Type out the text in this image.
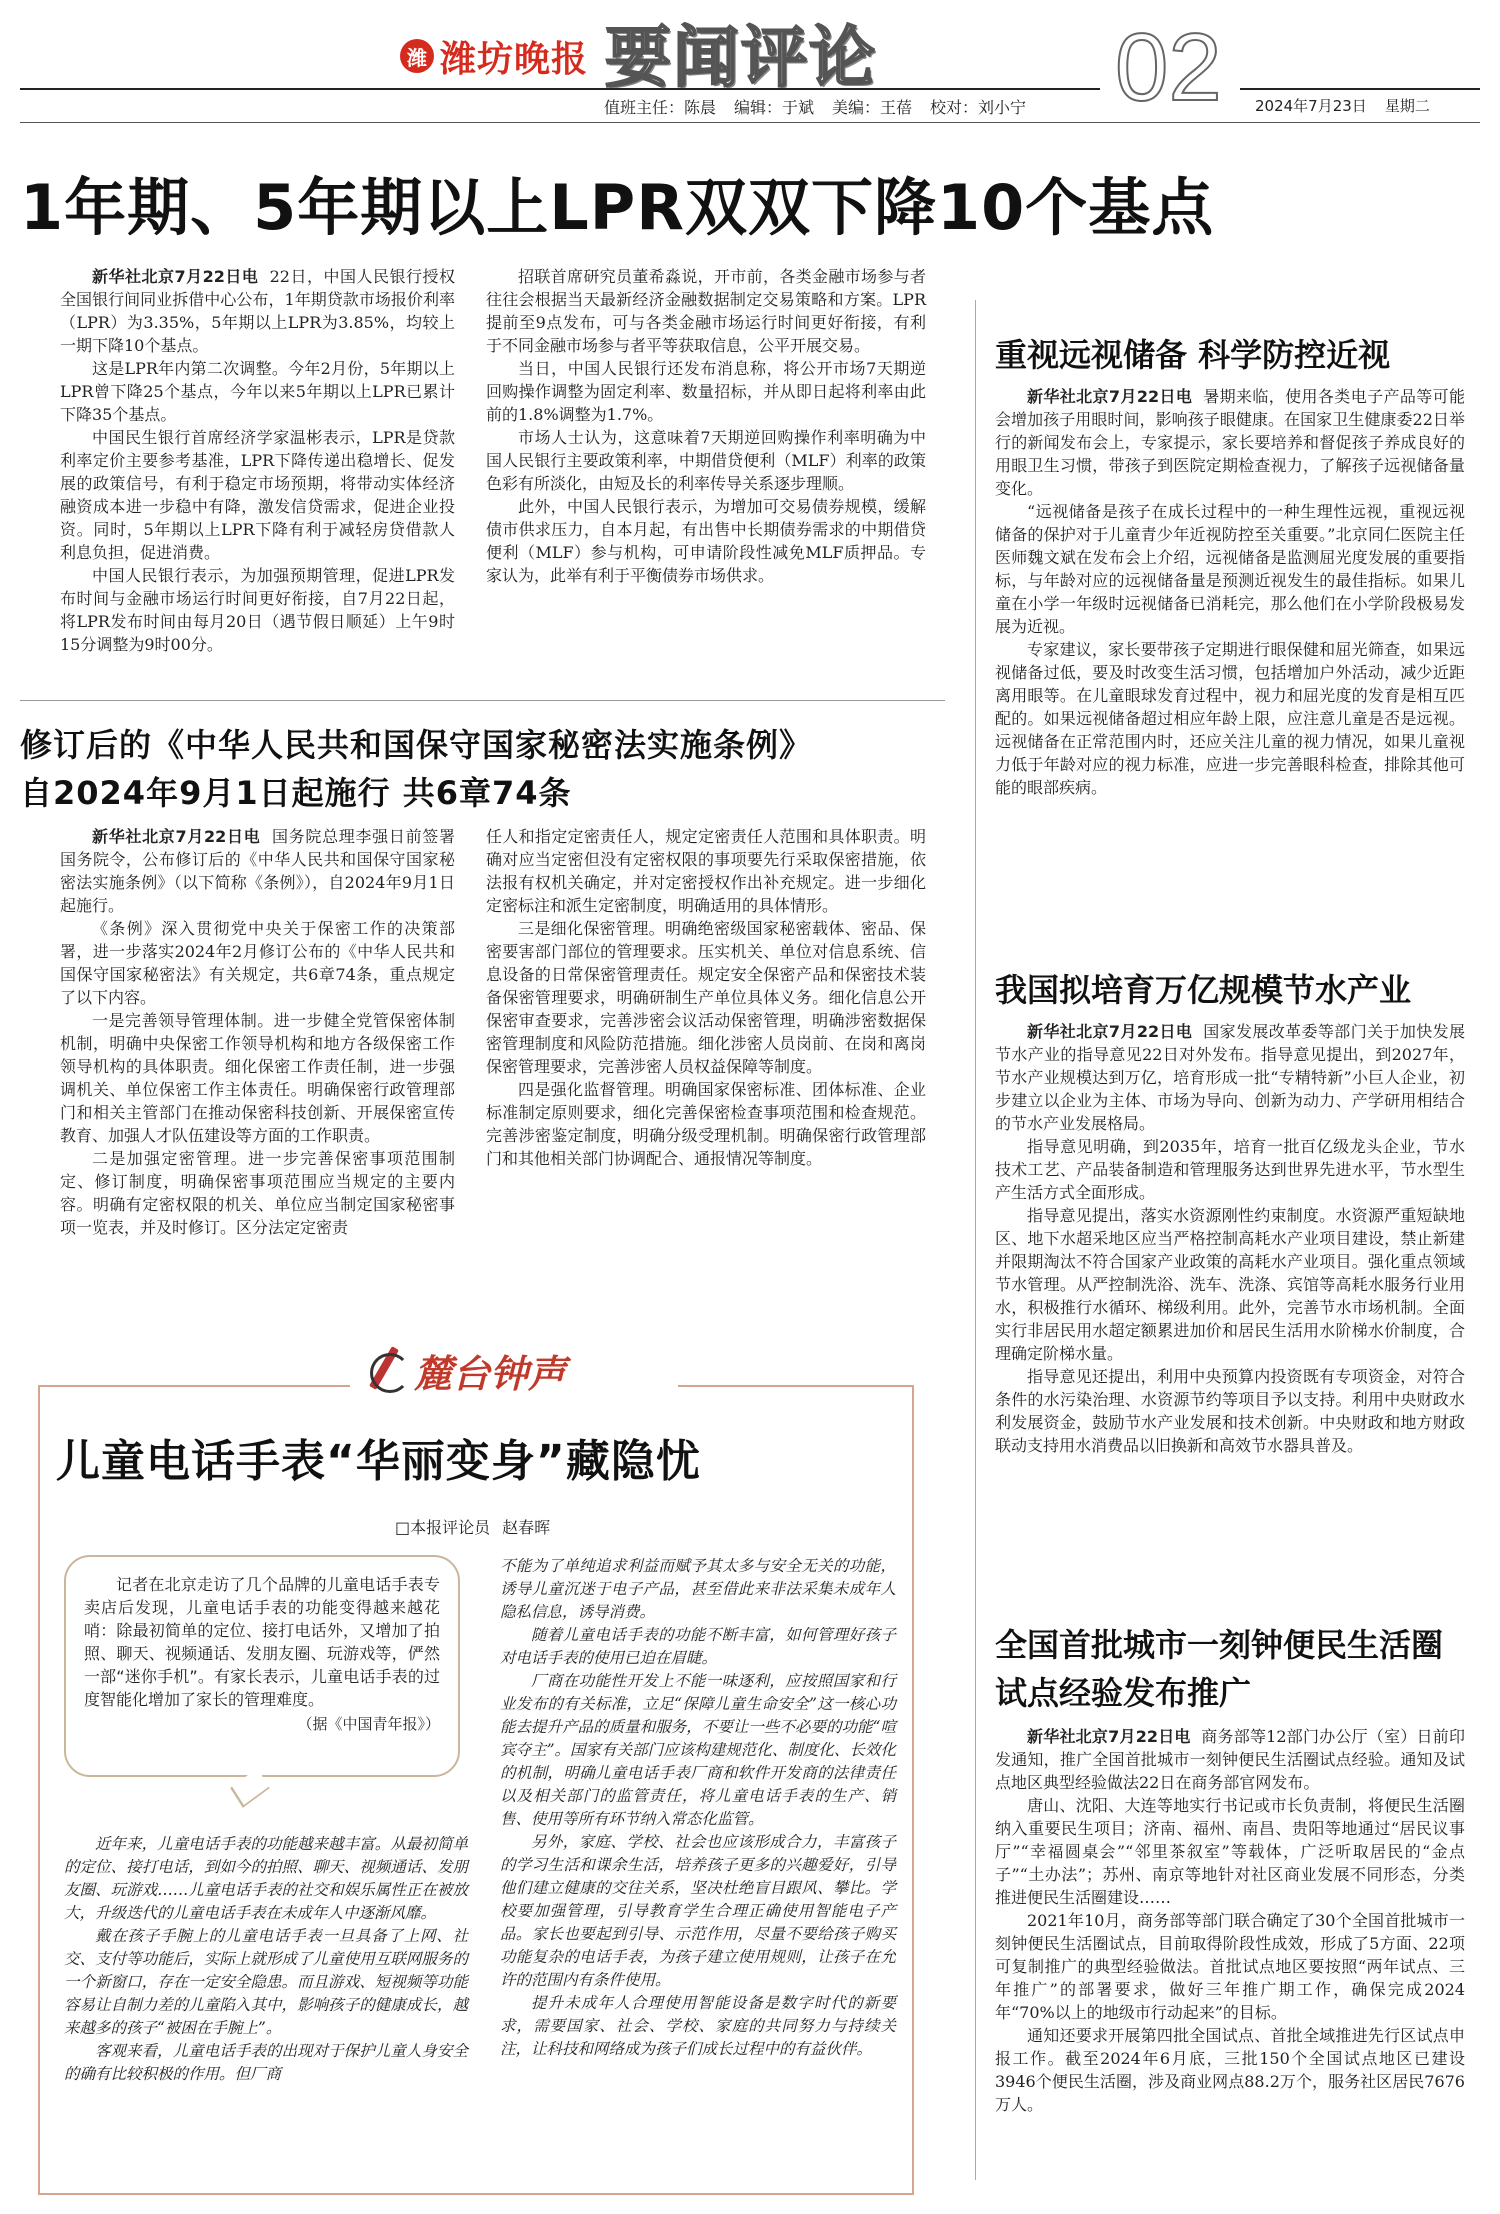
潍 潍坊晚报 要闻评论 02
值班主任：陈晨 编辑：于斌 美编：王蓓 校对：刘小宁	2024年7月23日 星期二
1年期、5年期以上LPR双双下降10个基点

新华社北京7月22日电 22日，中国人民银行授权全国银行间同业拆借中心公布，1年期贷款市场报价利率（LPR）为3.35%，5年期以上LPR为3.85%，均较上一期下降10个基点。

这是LPR年内第二次调整。今年2月份，5年期以上LPR曾下降25个基点，今年以来5年期以上LPR已累计下降35个基点。

中国民生银行首席经济学家温彬表示，LPR是贷款利率定价主要参考基准，LPR下降传递出稳增长、促发展的政策信号，有利于稳定市场预期，将带动实体经济融资成本进一步稳中有降，激发信贷需求，促进企业投资。同时，5年期以上LPR下降有利于减轻房贷借款人利息负担，促进消费。

中国人民银行表示，为加强预期管理，促进LPR发布时间与金融市场运行时间更好衔接，自7月22日起，将LPR发布时间由每月20日（遇节假日顺延）上午9时15分调整为9时00分。

招联首席研究员董希淼说，开市前，各类金融市场参与者往往会根据当天最新经济金融数据制定交易策略和方案。LPR提前至9点发布，可与各类金融市场运行时间更好衔接，有利于不同金融市场参与者平等获取信息，公平开展交易。

当日，中国人民银行还发布消息称，将公开市场7天期逆回购操作调整为固定利率、数量招标，并从即日起将利率由此前的1.8%调整为1.7%。

市场人士认为，这意味着7天期逆回购操作利率明确为中国人民银行主要政策利率，中期借贷便利（MLF）利率的政策色彩有所淡化，由短及长的利率传导关系逐步理顺。

此外，中国人民银行表示，为增加可交易债券规模，缓解债市供求压力，自本月起，有出售中长期债券需求的中期借贷便利（MLF）参与机构，可申请阶段性减免MLF质押品。专家认为，此举有利于平衡债券市场供求。

修订后的《中华人民共和国保守国家秘密法实施条例》
自2024年9月1日起施行 共6章74条

新华社北京7月22日电 国务院总理李强日前签署国务院令，公布修订后的《中华人民共和国保守国家秘密法实施条例》（以下简称《条例》），自2024年9月1日起施行。

《条例》深入贯彻党中央关于保密工作的决策部署，进一步落实2024年2月修订公布的《中华人民共和国保守国家秘密法》有关规定，共6章74条，重点规定了以下内容。

一是完善领导管理体制。进一步健全党管保密体制机制，明确中央保密工作领导机构和地方各级保密工作领导机构的具体职责。细化保密工作责任制，进一步强调机关、单位保密工作主体责任。明确保密行政管理部门和相关主管部门在推动保密科技创新、开展保密宣传教育、加强人才队伍建设等方面的工作职责。

二是加强定密管理。进一步完善保密事项范围制定、修订制度，明确保密事项范围应当规定的主要内容。明确有定密权限的机关、单位应当制定国家秘密事项一览表，并及时修订。区分法定定密责

任人和指定定密责任人，规定定密责任人范围和具体职责。明确对应当定密但没有定密权限的事项要先行采取保密措施，依法报有权机关确定，并对定密授权作出补充规定。进一步细化定密标注和派生定密制度，明确适用的具体情形。

三是细化保密管理。明确绝密级国家秘密载体、密品、保密要害部门部位的管理要求。压实机关、单位对信息系统、信息设备的日常保密管理责任。规定安全保密产品和保密技术装备保密管理要求，明确研制生产单位具体义务。细化信息公开保密审查要求，完善涉密会议活动保密管理，明确涉密数据保密管理制度和风险防范措施。细化涉密人员岗前、在岗和离岗保密管理要求，完善涉密人员权益保障等制度。

四是强化监督管理。明确国家保密标准、团体标准、企业标准制定原则要求，细化完善保密检查事项范围和检查规范。完善涉密鉴定制度，明确分级受理机制。明确保密行政管理部门和其他相关部门协调配合、通报情况等制度。

麓台钟声
儿童电话手表“华丽变身”藏隐忧
□本报评论员 赵春晖

记者在北京走访了几个品牌的儿童电话手表专卖店后发现，儿童电话手表的功能变得越来越花哨：除最初简单的定位、接打电话外，又增加了拍照、聊天、视频通话、发朋友圈、玩游戏等，俨然一部“迷你手机”。有家长表示，儿童电话手表的过度智能化增加了家长的管理难度。

（据《中国青年报》）

近年来，儿童电话手表的功能越来越丰富。从最初简单的定位、接打电话，到如今的拍照、聊天、视频通话、发朋友圈、玩游戏……儿童电话手表的社交和娱乐属性正在被放大，升级迭代的儿童电话手表在未成年人中逐渐风靡。

戴在孩子手腕上的儿童电话手表一旦具备了上网、社交、支付等功能后，实际上就形成了儿童使用互联网服务的一个新窗口，存在一定安全隐患。而且游戏、短视频等功能容易让自制力差的儿童陷入其中，影响孩子的健康成长，越来越多的孩子“被困在手腕上”。

客观来看，儿童电话手表的出现对于保护儿童人身安全的确有比较积极的作用。但厂商

不能为了单纯追求利益而赋予其太多与安全无关的功能，诱导儿童沉迷于电子产品，甚至借此来非法采集未成年人隐私信息，诱导消费。

随着儿童电话手表的功能不断丰富，如何管理好孩子对电话手表的使用已迫在眉睫。

厂商在功能性开发上不能一味逐利，应按照国家和行业发布的有关标准，立足“保障儿童生命安全”这一核心功能去提升产品的质量和服务，不要让一些不必要的功能“喧宾夺主”。国家有关部门应该构建规范化、制度化、长效化的机制，明确儿童电话手表厂商和软件开发商的法律责任以及相关部门的监管责任，将儿童电话手表的生产、销售、使用等所有环节纳入常态化监管。

另外，家庭、学校、社会也应该形成合力，丰富孩子的学习生活和课余生活，培养孩子更多的兴趣爱好，引导他们建立健康的交往关系，坚决杜绝盲目跟风、攀比。学校要加强管理，引导教育学生合理正确使用智能电子产品。家长也要起到引导、示范作用，尽量不要给孩子购买功能复杂的电话手表，为孩子建立使用规则，让孩子在允许的范围内有条件使用。

提升未成年人合理使用智能设备是数字时代的新要求，需要国家、社会、学校、家庭的共同努力与持续关注，让科技和网络成为孩子们成长过程中的有益伙伴。

重视远视储备 科学防控近视

新华社北京7月22日电 暑期来临，使用各类电子产品等可能会增加孩子用眼时间，影响孩子眼健康。在国家卫生健康委22日举行的新闻发布会上，专家提示，家长要培养和督促孩子养成良好的用眼卫生习惯，带孩子到医院定期检查视力，了解孩子远视储备量变化。

“远视储备是孩子在成长过程中的一种生理性远视，重视远视储备的保护对于儿童青少年近视防控至关重要。”北京同仁医院主任医师魏文斌在发布会上介绍，远视储备是监测屈光度发展的重要指标，与年龄对应的远视储备量是预测近视发生的最佳指标。如果儿童在小学一年级时远视储备已消耗完，那么他们在小学阶段极易发展为近视。

专家建议，家长要带孩子定期进行眼保健和屈光筛查，如果远视储备过低，要及时改变生活习惯，包括增加户外活动，减少近距离用眼等。在儿童眼球发育过程中，视力和屈光度的发育是相互匹配的。如果远视储备超过相应年龄上限，应注意儿童是否是远视。远视储备在正常范围内时，还应关注儿童的视力情况，如果儿童视力低于年龄对应的视力标准，应进一步完善眼科检查，排除其他可能的眼部疾病。

我国拟培育万亿规模节水产业

新华社北京7月22日电 国家发展改革委等部门关于加快发展节水产业的指导意见22日对外发布。指导意见提出，到2027年，节水产业规模达到万亿，培育形成一批“专精特新”小巨人企业，初步建立以企业为主体、市场为导向、创新为动力、产学研用相结合的节水产业发展格局。

指导意见明确，到2035年，培育一批百亿级龙头企业，节水技术工艺、产品装备制造和管理服务达到世界先进水平，节水型生产生活方式全面形成。

指导意见提出，落实水资源刚性约束制度。水资源严重短缺地区、地下水超采地区应当严格控制高耗水产业项目建设，禁止新建并限期淘汰不符合国家产业政策的高耗水产业项目。强化重点领域节水管理。从严控制洗浴、洗车、洗涤、宾馆等高耗水服务行业用水，积极推行水循环、梯级利用。此外，完善节水市场机制。全面实行非居民用水超定额累进加价和居民生活用水阶梯水价制度，合理确定阶梯水量。

指导意见还提出，利用中央预算内投资既有专项资金，对符合条件的水污染治理、水资源节约等项目予以支持。利用中央财政水利发展资金，鼓励节水产业发展和技术创新。中央财政和地方财政联动支持用水消费品以旧换新和高效节水器具普及。

全国首批城市一刻钟便民生活圈
试点经验发布推广

新华社北京7月22日电 商务部等12部门办公厅（室）日前印发通知，推广全国首批城市一刻钟便民生活圈试点经验。通知及试点地区典型经验做法22日在商务部官网发布。

唐山、沈阳、大连等地实行书记或市长负责制，将便民生活圈纳入重要民生项目；济南、福州、南昌、贵阳等地通过“居民议事厅”“幸福圆桌会”“邻里茶叙室”等载体，广泛听取居民的“金点子”“土办法”；苏州、南京等地针对社区商业发展不同形态，分类推进便民生活圈建设……

2021年10月，商务部等部门联合确定了30个全国首批城市一刻钟便民生活圈试点，目前取得阶段性成效，形成了5方面、22项可复制推广的典型经验做法。首批试点地区要按照“两年试点、三年推广”的部署要求，做好三年推广期工作，确保完成2024年“70%以上的地级市行动起来”的目标。

通知还要求开展第四批全国试点、首批全域推进先行区试点申报工作。截至2024年6月底，三批150个全国试点地区已建设3946个便民生活圈，涉及商业网点88.2万个，服务社区居民7676万人。
